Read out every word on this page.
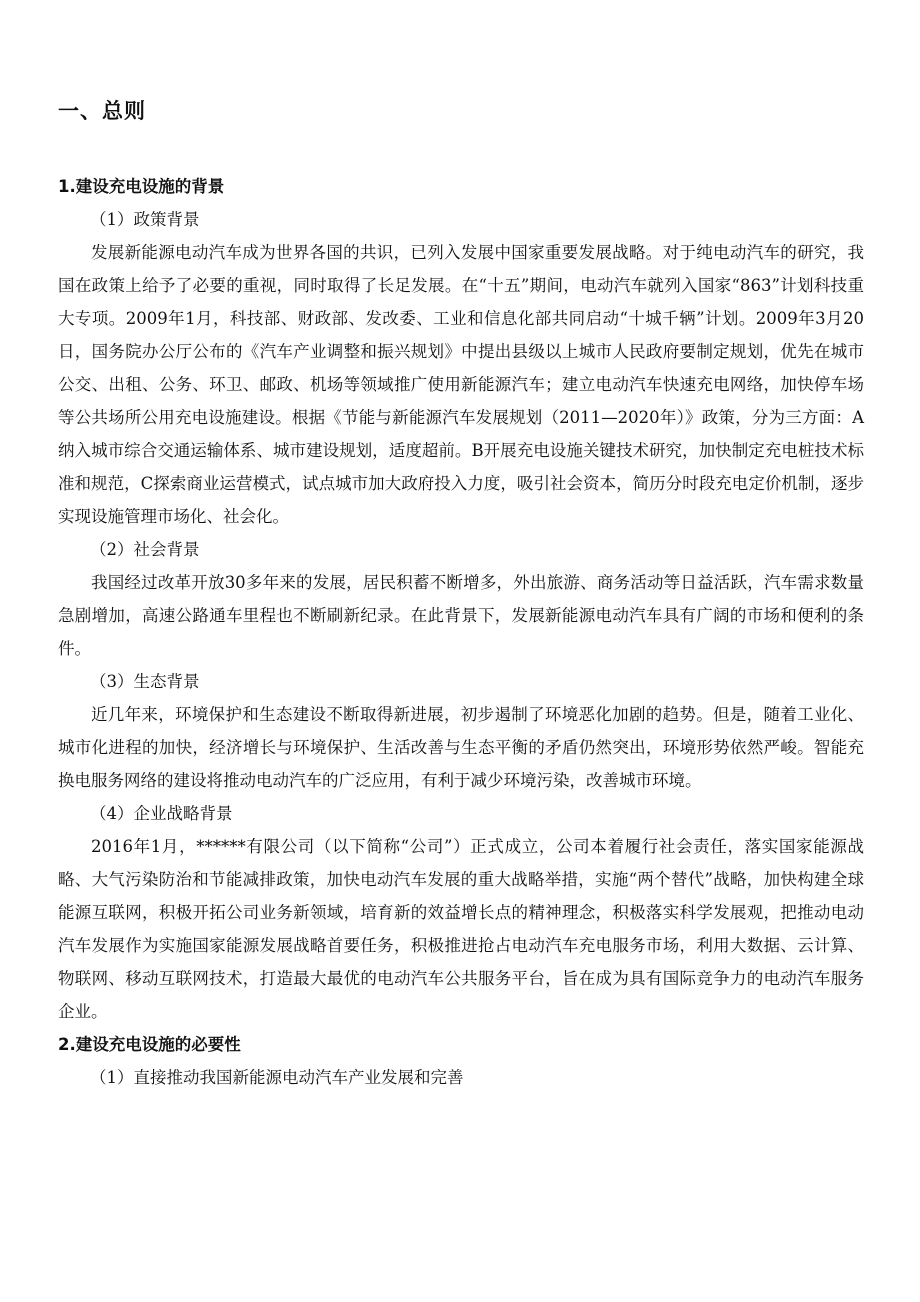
一、总则
1.建设充电设施的背景

（1）政策背景

发展新能源电动汽车成为世界各国的共识，已列入发展中国家重要发展战略。对于纯电动汽车的研究，我国在政策上给予了必要的重视，同时取得了长足发展。在“十五”期间，电动汽车就列入国家“863”计划科技重大专项。2009年1月，科技部、财政部、发改委、工业和信息化部共同启动“十城千辆”计划。2009年3月20日，国务院办公厅公布的《汽车产业调整和振兴规划》中提出县级以上城市人民政府要制定规划，优先在城市公交、出租、公务、环卫、邮政、机场等领域推广使用新能源汽车；建立电动汽车快速充电网络，加快停车场等公共场所公用充电设施建设。根据《节能与新能源汽车发展规划（2011—2020年）》政策，分为三方面：A纳入城市综合交通运输体系、城市建设规划，适度超前。B开展充电设施关键技术研究，加快制定充电桩技术标准和规范，C探索商业运营模式，试点城市加大政府投入力度，吸引社会资本，简历分时段充电定价机制，逐步实现设施管理市场化、社会化。

（2）社会背景

我国经过改革开放30多年来的发展，居民积蓄不断增多，外出旅游、商务活动等日益活跃，汽车需求数量急剧增加，高速公路通车里程也不断刷新纪录。在此背景下，发展新能源电动汽车具有广阔的市场和便利的条件。

（3）生态背景

近几年来，环境保护和生态建设不断取得新进展，初步遏制了环境恶化加剧的趋势。但是，随着工业化、城市化进程的加快，经济增长与环境保护、生活改善与生态平衡的矛盾仍然突出，环境形势依然严峻。智能充换电服务网络的建设将推动电动汽车的广泛应用，有利于减少环境污染，改善城市环境。

（4）企业战略背景

2016年1月，******有限公司（以下简称“公司”）正式成立，公司本着履行社会责任，落实国家能源战略、大气污染防治和节能减排政策，加快电动汽车发展的重大战略举措，实施“两个替代”战略，加快构建全球能源互联网，积极开拓公司业务新领域，培育新的效益增长点的精神理念，积极落实科学发展观，把推动电动汽车发展作为实施国家能源发展战略首要任务，积极推进抢占电动汽车充电服务市场，利用大数据、云计算、物联网、移动互联网技术，打造最大最优的电动汽车公共服务平台，旨在成为具有国际竞争力的电动汽车服务企业。

2.建设充电设施的必要性

（1）直接推动我国新能源电动汽车产业发展和完善
